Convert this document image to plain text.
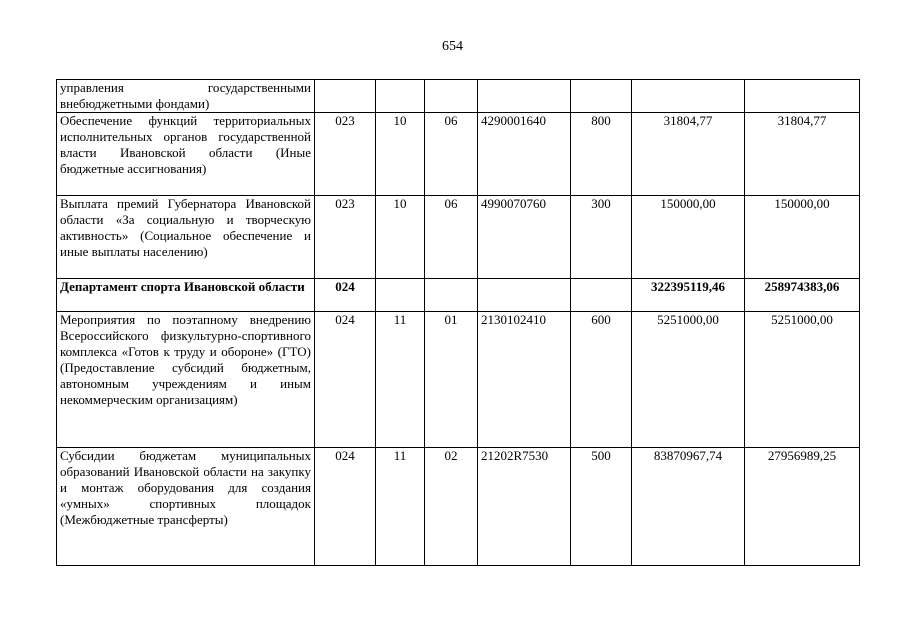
654
управления государственными внебюджетными фондами)							
Обеспечение функций территориальных исполнительных органов государственной власти Ивановской области (Иные бюджетные ассигнования)	023	10	06	4290001640	800	31804,77	31804,77
Выплата премий Губернатора Ивановской области «За социальную и творческую активность» (Социальное обеспечение и иные выплаты населению)	023	10	06	4990070760	300	150000,00	150000,00
Департамент спорта Ивановской области	024					322395119,46	258974383,06
Мероприятия по поэтапному внедрению Всероссийского физкультурно-спортивного комплекса «Готов к труду и обороне» (ГТО) (Предоставление субсидий бюджетным, автономным учреждениям и иным некоммерческим организациям)	024	11	01	2130102410	600	5251000,00	5251000,00
Субсидии бюджетам муниципальных образований Ивановской области на закупку и монтаж оборудования для создания «умных» спортивных площадок (Межбюджетные трансферты)	024	11	02	21202R7530	500	83870967,74	27956989,25
